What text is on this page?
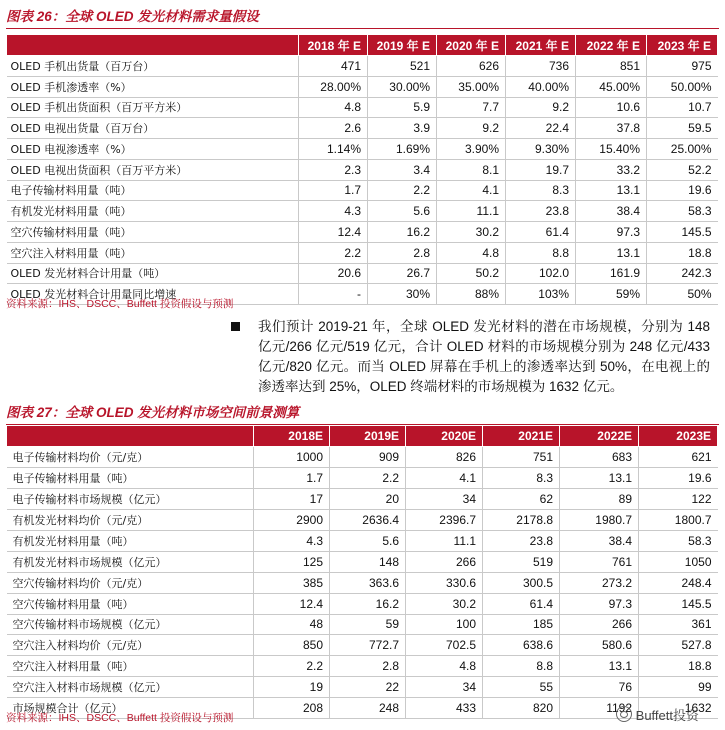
图表 26：全球 OLED 发光材料需求量假设
	2018 年 E	2019 年 E	2020 年 E	2021 年 E	2022 年 E	2023 年 E
OLED 手机出货量（百万台）	471	521	626	736	851	975
OLED 手机渗透率（%）	28.00%	30.00%	35.00%	40.00%	45.00%	50.00%
OLED 手机出货面积（百万平方米）	4.8	5.9	7.7	9.2	10.6	10.7
OLED 电视出货量（百万台）	2.6	3.9	9.2	22.4	37.8	59.5
OLED 电视渗透率（%）	1.14%	1.69%	3.90%	9.30%	15.40%	25.00%
OLED 电视出货面积（百万平方米）	2.3	3.4	8.1	19.7	33.2	52.2
电子传输材料用量（吨）	1.7	2.2	4.1	8.3	13.1	19.6
有机发光材料用量（吨）	4.3	5.6	11.1	23.8	38.4	58.3
空穴传输材料用量（吨）	12.4	16.2	30.2	61.4	97.3	145.5
空穴注入材料用量（吨）	2.2	2.8	4.8	8.8	13.1	18.8
OLED 发光材料合计用量（吨）	20.6	26.7	50.2	102.0	161.9	242.3
OLED 发光材料合计用量同比增速	-	30%	88%	103%	59%	50%
资料来源：IHS、DSCC、Buffett 投资假设与预测
我们预计 2019-21 年，全球 OLED 发光材料的潜在市场规模，分别为 148 亿元/266 亿元/519 亿元，合计 OLED 材料的市场规模分别为 248 亿元/433 亿元/820 亿元。而当 OLED 屏幕在手机上的渗透率达到 50%，在电视上的渗透率达到 25%，OLED 终端材料的市场规模为 1632 亿元。
图表 27：全球 OLED 发光材料市场空间前景测算
	2018E	2019E	2020E	2021E	2022E	2023E
电子传输材料均价（元/克）	1000	909	826	751	683	621
电子传输材料用量（吨）	1.7	2.2	4.1	8.3	13.1	19.6
电子传输材料市场规模（亿元）	17	20	34	62	89	122
有机发光材料均价（元/克）	2900	2636.4	2396.7	2178.8	1980.7	1800.7
有机发光材料用量（吨）	4.3	5.6	11.1	23.8	38.4	58.3
有机发光材料市场规模（亿元）	125	148	266	519	761	1050
空穴传输材料均价（元/克）	385	363.6	330.6	300.5	273.2	248.4
空穴传输材料用量（吨）	12.4	16.2	30.2	61.4	97.3	145.5
空穴传输材料市场规模（亿元）	48	59	100	185	266	361
空穴注入材料均价（元/克）	850	772.7	702.5	638.6	580.6	527.8
空穴注入材料用量（吨）	2.2	2.8	4.8	8.8	13.1	18.8
空穴注入材料市场规模（亿元）	19	22	34	55	76	99
市场规模合计（亿元）	208	248	433	820	1192	1632
资料来源：IHS、DSCC、Buffett 投资假设与预测	Buffett投资
